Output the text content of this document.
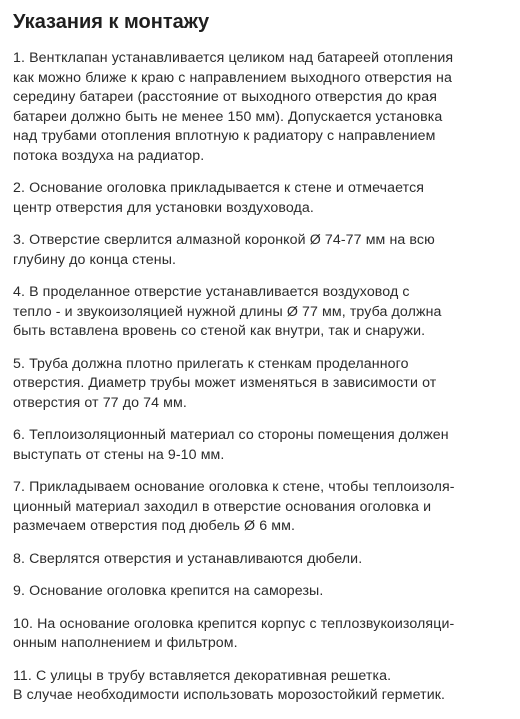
Указания к монтажу
1. Вентклапан устанавливается целиком над батареей отопления
как можно ближе к краю с направлением выходного отверстия на
середину батареи (расстояние от выходного отверстия до края
батареи должно быть не менее 150 мм). Допускается установка
над трубами отопления вплотную к радиатору с направлением
потока воздуха на радиатор.
2. Основание оголовка прикладывается к стене и отмечается
центр отверстия для установки воздуховода.
3. Отверстие сверлится алмазной коронкой Ø 74-77 мм на всю
глубину до конца стены.
4. В проделанное отверстие устанавливается воздуховод с
тепло - и звукоизоляцией нужной длины Ø 77 мм, труба должна
быть вставлена вровень со стеной как внутри, так и снаружи.
5. Труба должна плотно прилегать к стенкам проделанного
отверстия. Диаметр трубы может изменяться в зависимости от
отверстия от 77 до 74 мм.
6. Теплоизоляционный материал со стороны помещения должен
выступать от стены на 9-10 мм.
7. Прикладываем основание оголовка к стене, чтобы теплоизоля-
ционный материал заходил в отверстие основания оголовка и
размечаем отверстия под дюбель Ø 6 мм.
8. Сверлятся отверстия и устанавливаются дюбели.
9. Основание оголовка крепится на саморезы.
10. На основание оголовка крепится корпус с теплозвукоизоляци-
онным наполнением и фильтром.
11. С улицы в трубу вставляется декоративная решетка.
В случае необходимости использовать морозостойкий герметик.
